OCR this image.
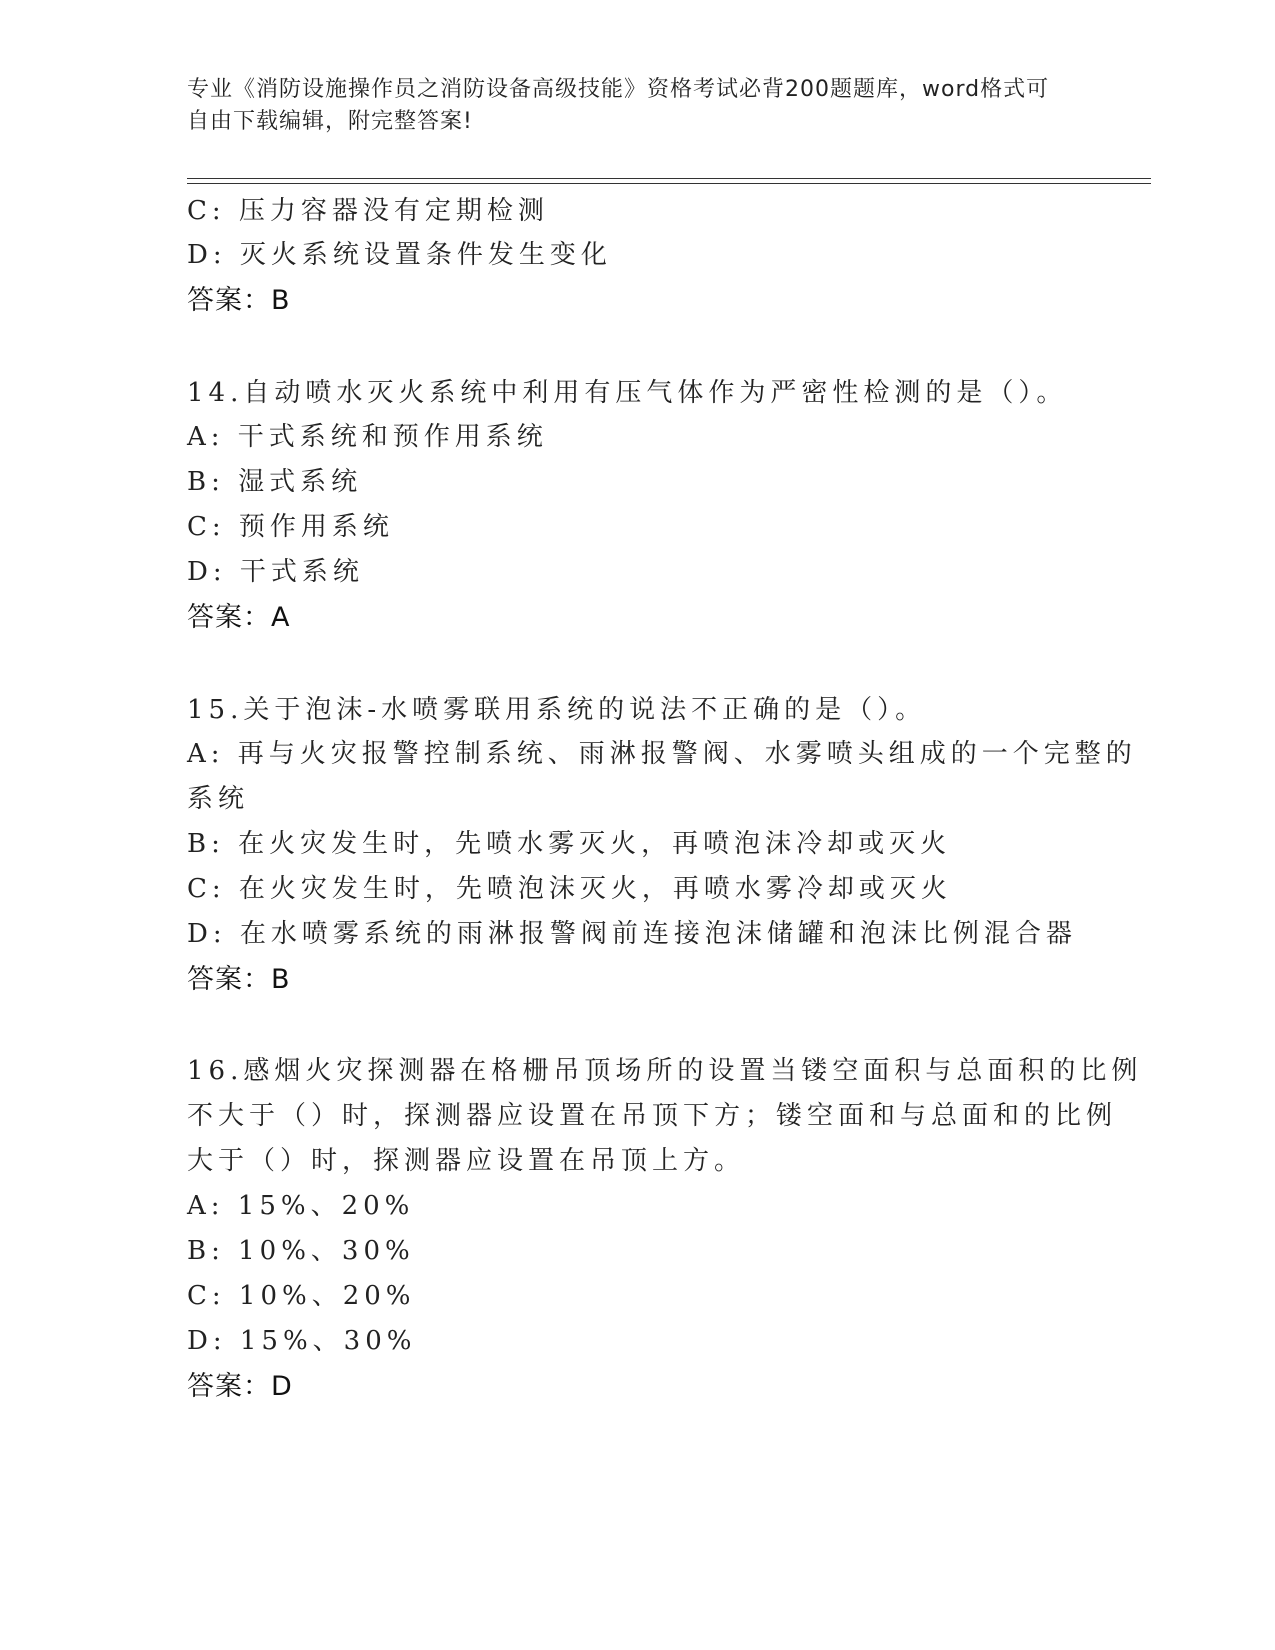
专业《消防设施操作员之消防设备高级技能》资格考试必背200题题库，word格式可自由下载编辑，附完整答案!
C: 压力容器没有定期检测
D: 灭火系统设置条件发生变化
答案：B
14.自动喷水灭火系统中利用有压气体作为严密性检测的是（）。
A: 干式系统和预作用系统
B: 湿式系统
C: 预作用系统
D: 干式系统
答案：A
15.关于泡沫-水喷雾联用系统的说法不正确的是（）。
A: 再与火灾报警控制系统、雨淋报警阀、水雾喷头组成的一个完整的
系统
B: 在火灾发生时，先喷水雾灭火，再喷泡沫冷却或灭火
C: 在火灾发生时，先喷泡沫灭火，再喷水雾冷却或灭火
D: 在水喷雾系统的雨淋报警阀前连接泡沫储罐和泡沫比例混合器
答案：B
16.感烟火灾探测器在格栅吊顶场所的设置当镂空面积与总面积的比例
不大于（）时，探测器应设置在吊顶下方；镂空面和与总面和的比例
大于（）时，探测器应设置在吊顶上方。
A: 15%、20%
B: 10%、30%
C: 10%、20%
D: 15%、30%
答案：D
